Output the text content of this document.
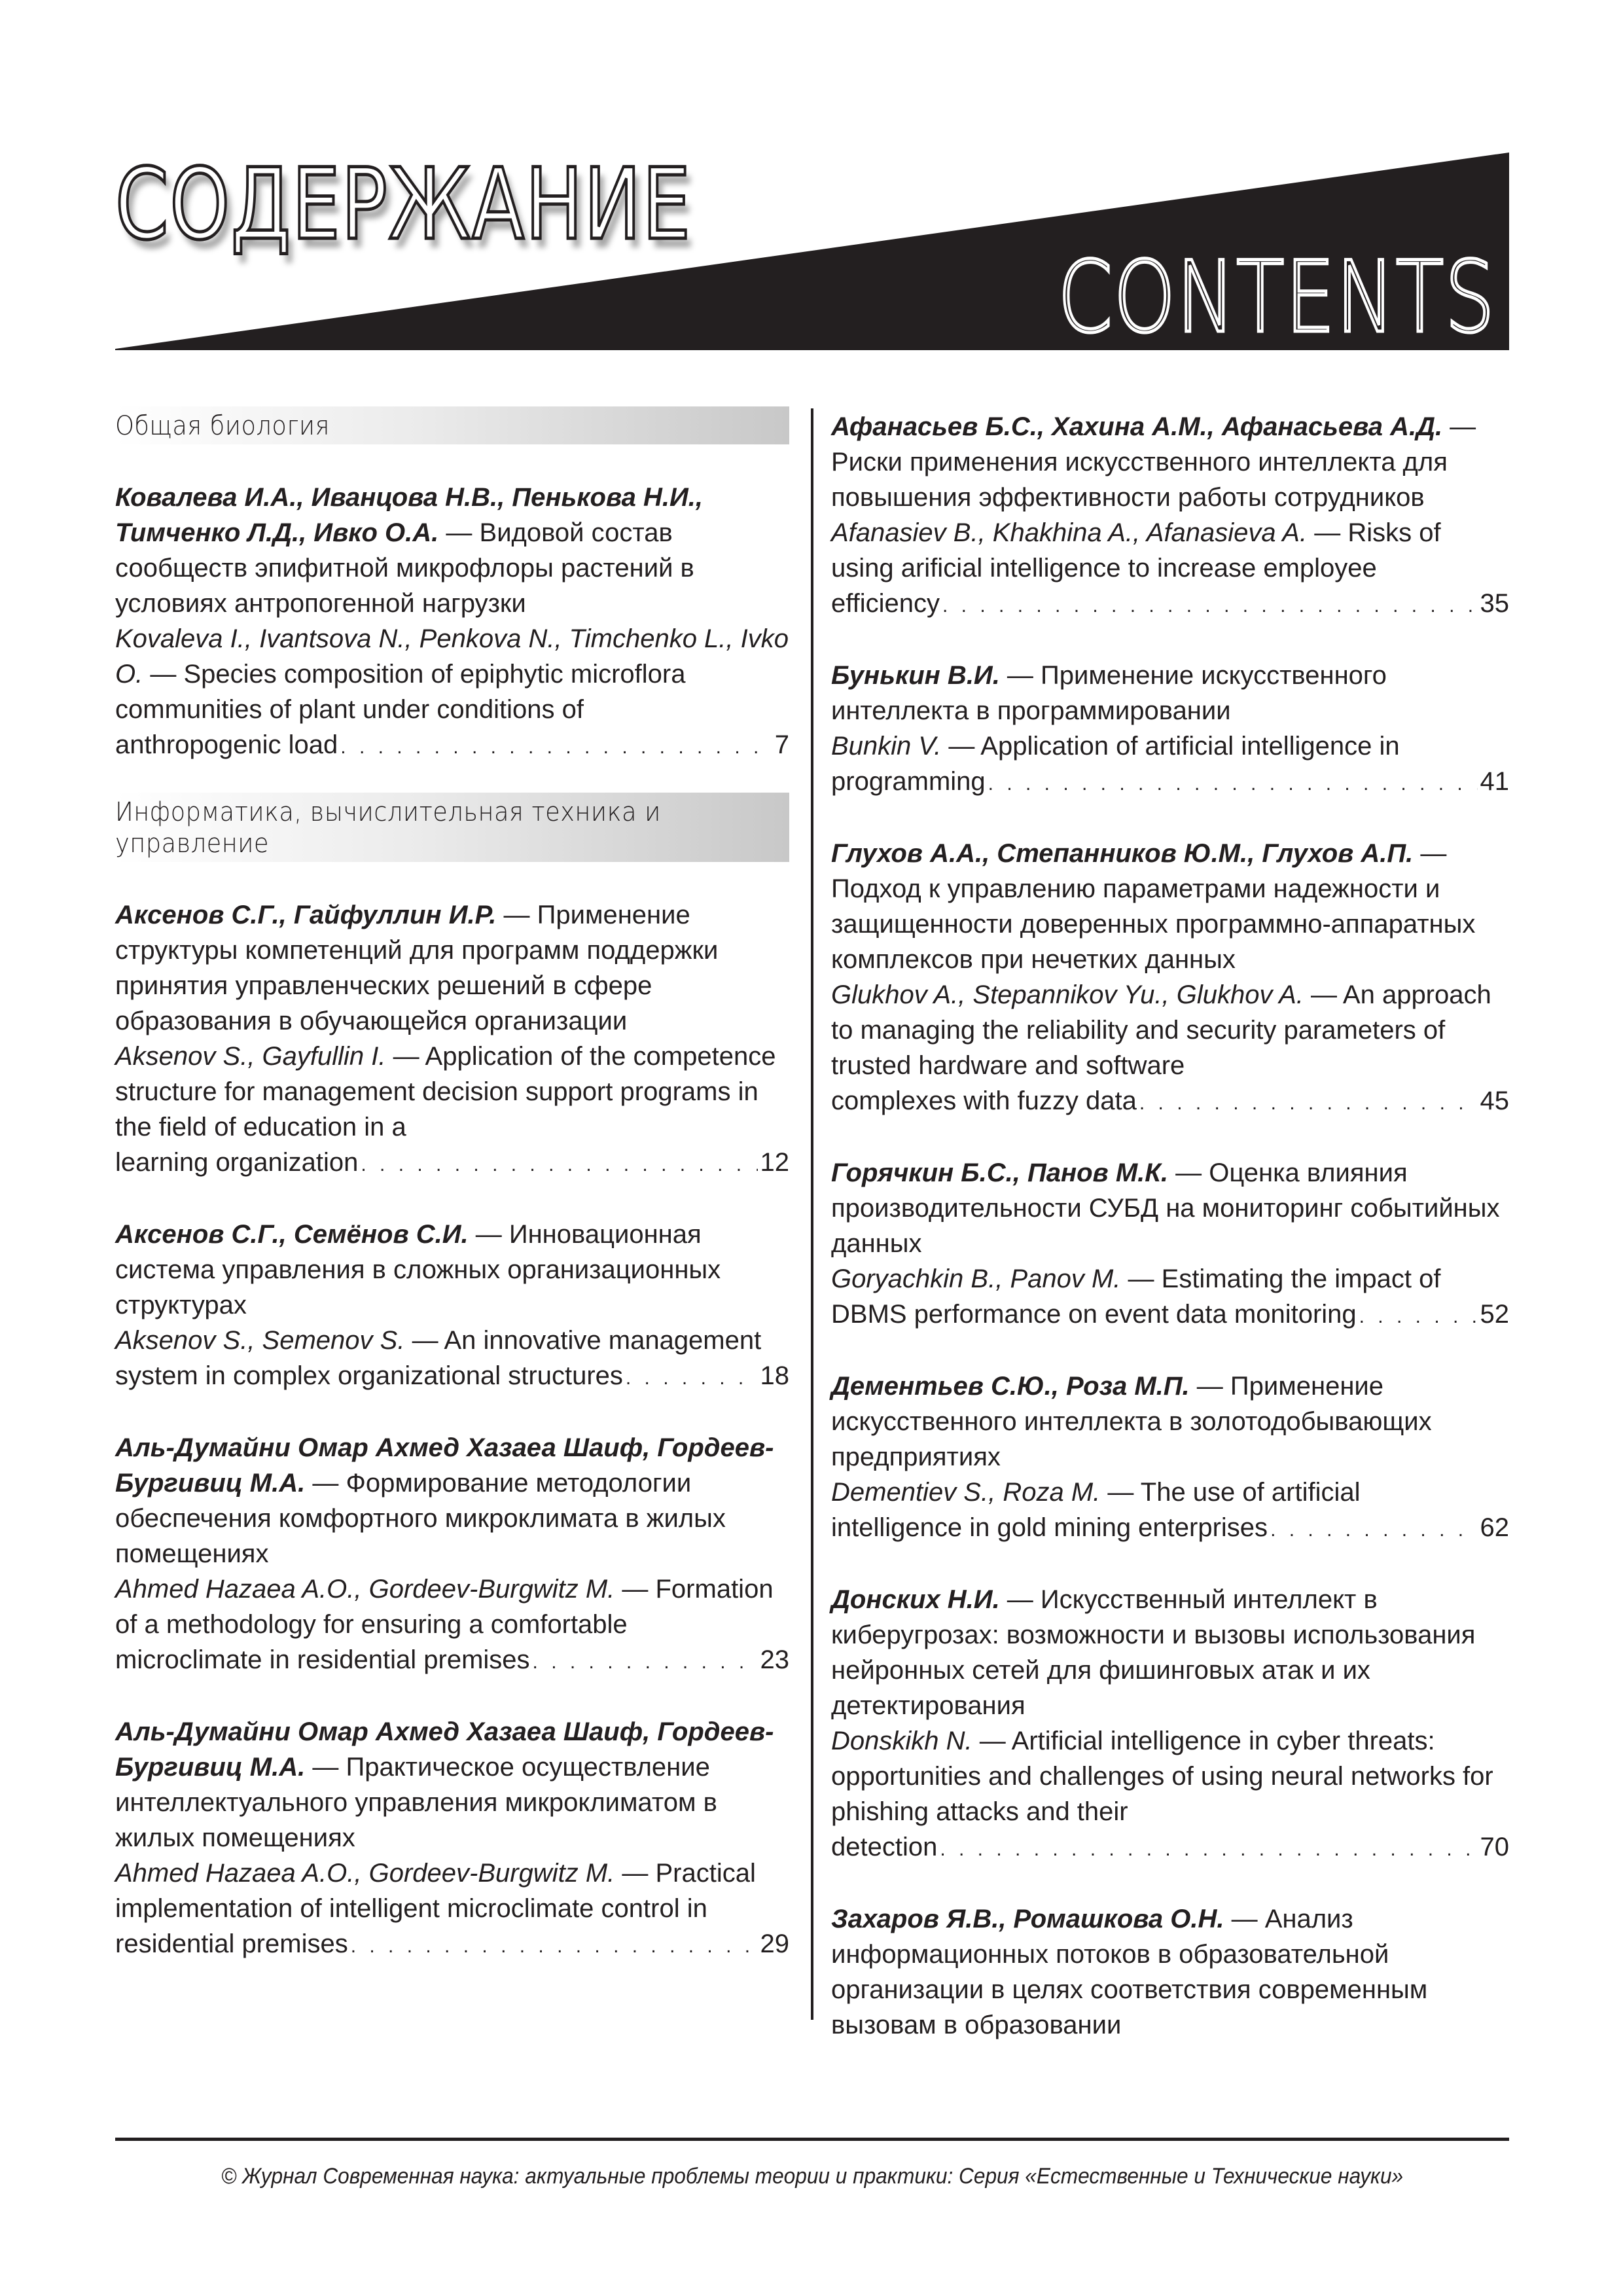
СОДЕРЖАНИЕ
CONTENTS
Общая биология

Ковалева И.А., Иванцова Н.В., Пенькова Н.И., Тимченко Л.Д., Ивко О.А. — Видовой состав сообществ эпифитной микрофлоры растений в условиях антропогенной нагрузки

Kovaleva I., Ivantsova N., Penkova N., Timchenko L., Ivko O. — Species composition of epiphytic microflora communities of plant under conditions of

anthropogenic load . . .	7
Информатика, вычислительная техника и управление

Аксенов С.Г., Гайфуллин И.Р. — Применение структуры компетенций для программ поддержки принятия управленческих решений в сфере образования в обучающейся организации

Aksenov S., Gayfullin I. — Application of the competence structure for management decision support programs in the field of education in a

learning organization . . .	12

Аксенов С.Г., Семёнов С.И. — Инновационная система управления в сложных организационных структурах

Aksenov S., Semenov S. — An innovative management

system in complex organizational structures . . .	18

Аль-Думайни Омар Ахмед Хазаеа Шаиф, Гордеев-Бургивиц М.А. — Формирование методологии обеспечения комфортного микроклимата в жилых помещениях

Ahmed Hazaea A.O., Gordeev-Burgwitz M. — Formation of a methodology for ensuring a comfortable

microclimate in residential premises . . .	23

Аль-Думайни Омар Ахмед Хазаеа Шаиф, Гордеев-Бургивиц М.А. — Практическое осуществление интеллектуального управления микроклиматом в жилых помещениях

Ahmed Hazaea A.O., Gordeev-Burgwitz M. — Practical implementation of intelligent microclimate control in

residential premises . . .	29

Афанасьев Б.С., Хахина А.М., Афанасьева А.Д. — Риски применения искусственного интеллекта для повышения эффективности работы сотрудников

Afanasiev B., Khakhina A., Afanasieva A. — Risks of using arificial intelligence to increase employee

efficiency . . .	35

Бунькин В.И. — Применение искусственного интеллекта в программировании

Bunkin V. — Application of artificial intelligence in

programming . . .	41

Глухов А.А., Степанников Ю.М., Глухов А.П. — Подход к управлению параметрами надежности и защищенности доверенных программно-аппаратных комплексов при нечетких данных

Glukhov A., Stepannikov Yu., Glukhov A. — An approach to managing the reliability and security parameters of trusted hardware and software

complexes with fuzzy data . . .	45

Горячкин Б.С., Панов М.К. — Оценка влияния производительности СУБД на мониторинг событийных данных

Goryachkin B., Panov M. — Estimating the impact of

DBMS performance on event data monitoring . . .	52

Дементьев С.Ю., Роза М.П. — Применение искусственного интеллекта в золотодобывающих предприятиях

Dementiev S., Roza M. — The use of artificial

intelligence in gold mining enterprises . . .	62

Донских Н.И. — Искусственный интеллект в киберугрозах: возможности и вызовы использования нейронных сетей для фишинговых атак и их детектирования

Donskikh N. — Artificial intelligence in cyber threats: opportunities and challenges of using neural networks for phishing attacks and their

detection . . .	70

Захаров Я.В., Ромашкова О.Н. — Анализ информационных потоков в образовательной организации в целях соответствия современным вызовам в образовании

© Журнал Современная наука: актуальные проблемы теории и практики: Серия «Естественные и Технические науки»
